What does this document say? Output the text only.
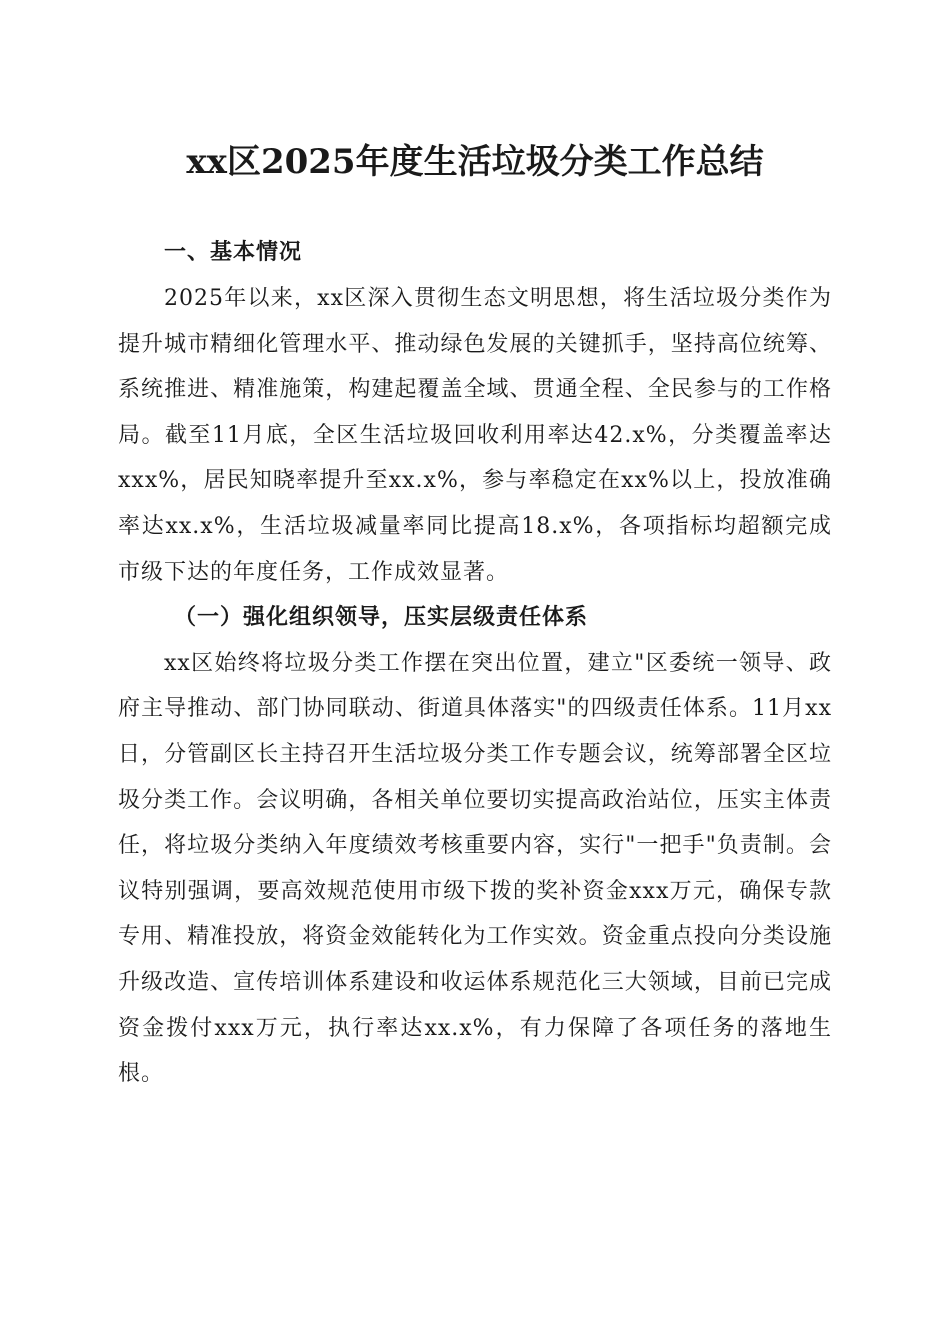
xx区2025年度生活垃圾分类工作总结

一、基本情况

2025年以来，xx区深入贯彻生态文明思想，将生活垃圾分类作为提升城市精细化管理水平、推动绿色发展的关键抓手，坚持高位统筹、系统推进、精准施策，构建起覆盖全域、贯通全程、全民参与的工作格局。截至11月底，全区生活垃圾回收利用率达42.x%，分类覆盖率达xxx%，居民知晓率提升至xx.x%，参与率稳定在xx%以上，投放准确率达xx.x%，生活垃圾减量率同比提高18.x%，各项指标均超额完成市级下达的年度任务，工作成效显著。

（一）强化组织领导，压实层级责任体系

xx区始终将垃圾分类工作摆在突出位置，建立"区委统一领导、政府主导推动、部门协同联动、街道具体落实"的四级责任体系。11月xx日，分管副区长主持召开生活垃圾分类工作专题会议，统筹部署全区垃圾分类工作。会议明确，各相关单位要切实提高政治站位，压实主体责任，将垃圾分类纳入年度绩效考核重要内容，实行"一把手"负责制。会议特别强调，要高效规范使用市级下拨的奖补资金xxx万元，确保专款专用、精准投放，将资金效能转化为工作实效。资金重点投向分类设施升级改造、宣传培训体系建设和收运体系规范化三大领域，目前已完成资金拨付xxx万元，执行率达xx.x%，有力保障了各项任务的落地生根。
